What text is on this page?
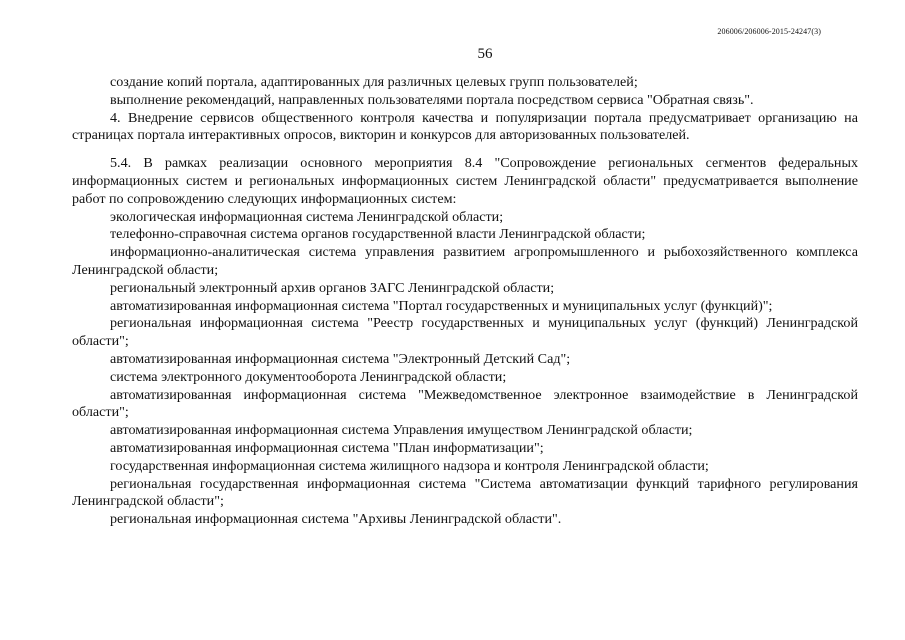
206006/206006-2015-24247(3)
56

создание копий портала, адаптированных для различных целевых групп пользователей;

выполнение рекомендаций, направленных пользователями портала посредством сервиса "Обратная связь".

4. Внедрение сервисов общественного контроля качества и популяризации портала предусматривает организацию на страницах портала интерактивных опросов, викторин и конкурсов для авторизованных пользователей.

5.4. В рамках реализации основного мероприятия 8.4 "Сопровождение региональных сегментов федеральных информационных систем и региональных информационных систем Ленинградской области" предусматривается выполнение работ по сопровождению следующих информационных систем:

экологическая информационная система Ленинградской области;

телефонно-справочная система органов государственной власти Ленинградской области;

информационно-аналитическая система управления развитием агропромышленного и рыбохозяйственного комплекса Ленинградской области;

региональный электронный архив органов ЗАГС Ленинградской области;

автоматизированная информационная система "Портал государственных и муниципальных услуг (функций)";

региональная информационная система "Реестр государственных и муниципальных услуг (функций) Ленинградской области";

автоматизированная информационная система "Электронный Детский Сад";

система электронного документооборота Ленинградской области;

автоматизированная информационная система "Межведомственное электронное взаимодействие в Ленинградской области";

автоматизированная информационная система Управления имуществом Ленинградской области;

автоматизированная информационная система "План информатизации";

государственная информационная система жилищного надзора и контроля Ленинградской области;

региональная государственная информационная система "Система автоматизации функций тарифного регулирования Ленинградской области";

региональная информационная система "Архивы Ленинградской области".
